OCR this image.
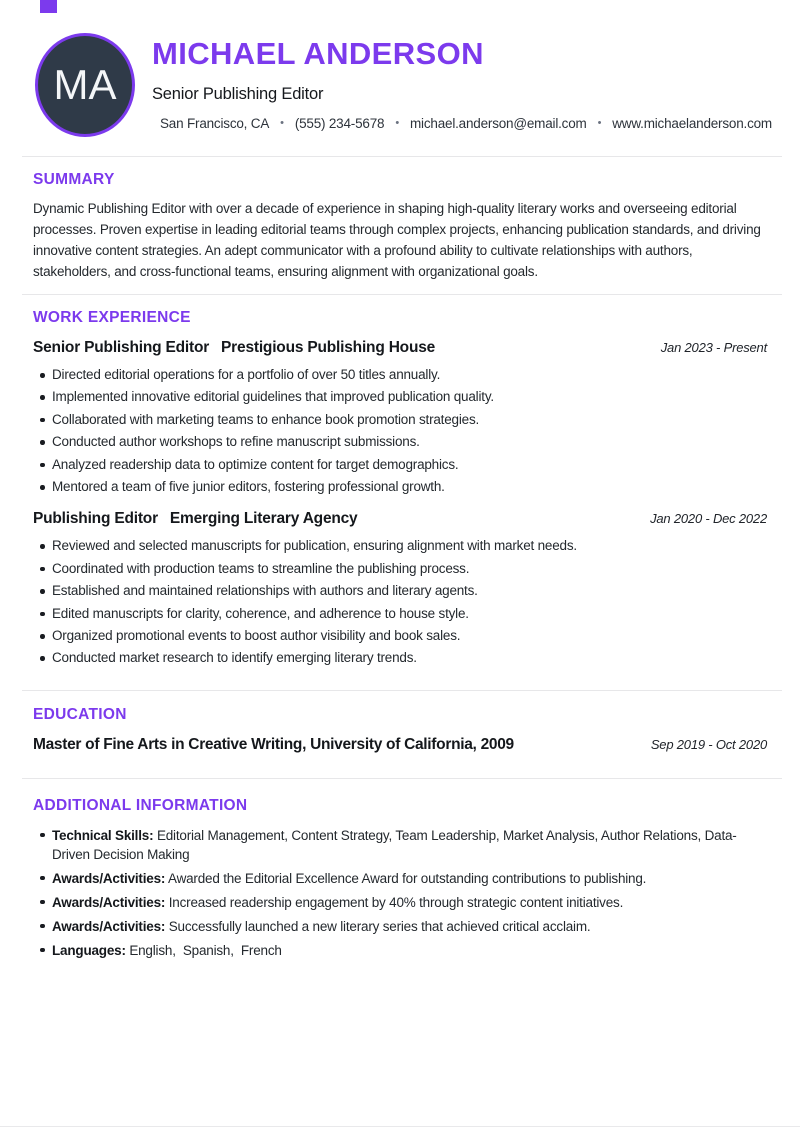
MA
MICHAEL ANDERSON
Senior Publishing Editor
San Francisco, CA • (555) 234-5678 • michael.anderson@email.com • www.michaelanderson.com
SUMMARY

Dynamic Publishing Editor with over a decade of experience in shaping high-quality literary works and overseeing editorial processes. Proven expertise in leading editorial teams through complex projects, enhancing publication standards, and driving innovative content strategies. An adept communicator with a profound ability to cultivate relationships with authors, stakeholders, and cross-functional teams, ensuring alignment with organizational goals.

WORK EXPERIENCE
Senior Publishing Editor Prestigious Publishing House	Jan 2023 - Present
Directed editorial operations for a portfolio of over 50 titles annually.
Implemented innovative editorial guidelines that improved publication quality.
Collaborated with marketing teams to enhance book promotion strategies.
Conducted author workshops to refine manuscript submissions.
Analyzed readership data to optimize content for target demographics.
Mentored a team of five junior editors, fostering professional growth.
Publishing Editor Emerging Literary Agency	Jan 2020 - Dec 2022
Reviewed and selected manuscripts for publication, ensuring alignment with market needs.
Coordinated with production teams to streamline the publishing process.
Established and maintained relationships with authors and literary agents.
Edited manuscripts for clarity, coherence, and adherence to house style.
Organized promotional events to boost author visibility and book sales.
Conducted market research to identify emerging literary trends.
EDUCATION
Master of Fine Arts in Creative Writing, University of California, 2009	Sep 2019 - Oct 2020
ADDITIONAL INFORMATION
Technical Skills: Editorial Management, Content Strategy, Team Leadership, Market Analysis, Author Relations, Data-Driven Decision Making
Awards/Activities: Awarded the Editorial Excellence Award for outstanding contributions to publishing.
Awards/Activities: Increased readership engagement by 40% through strategic content initiatives.
Awards/Activities: Successfully launched a new literary series that achieved critical acclaim.
Languages: English,  Spanish,  French
